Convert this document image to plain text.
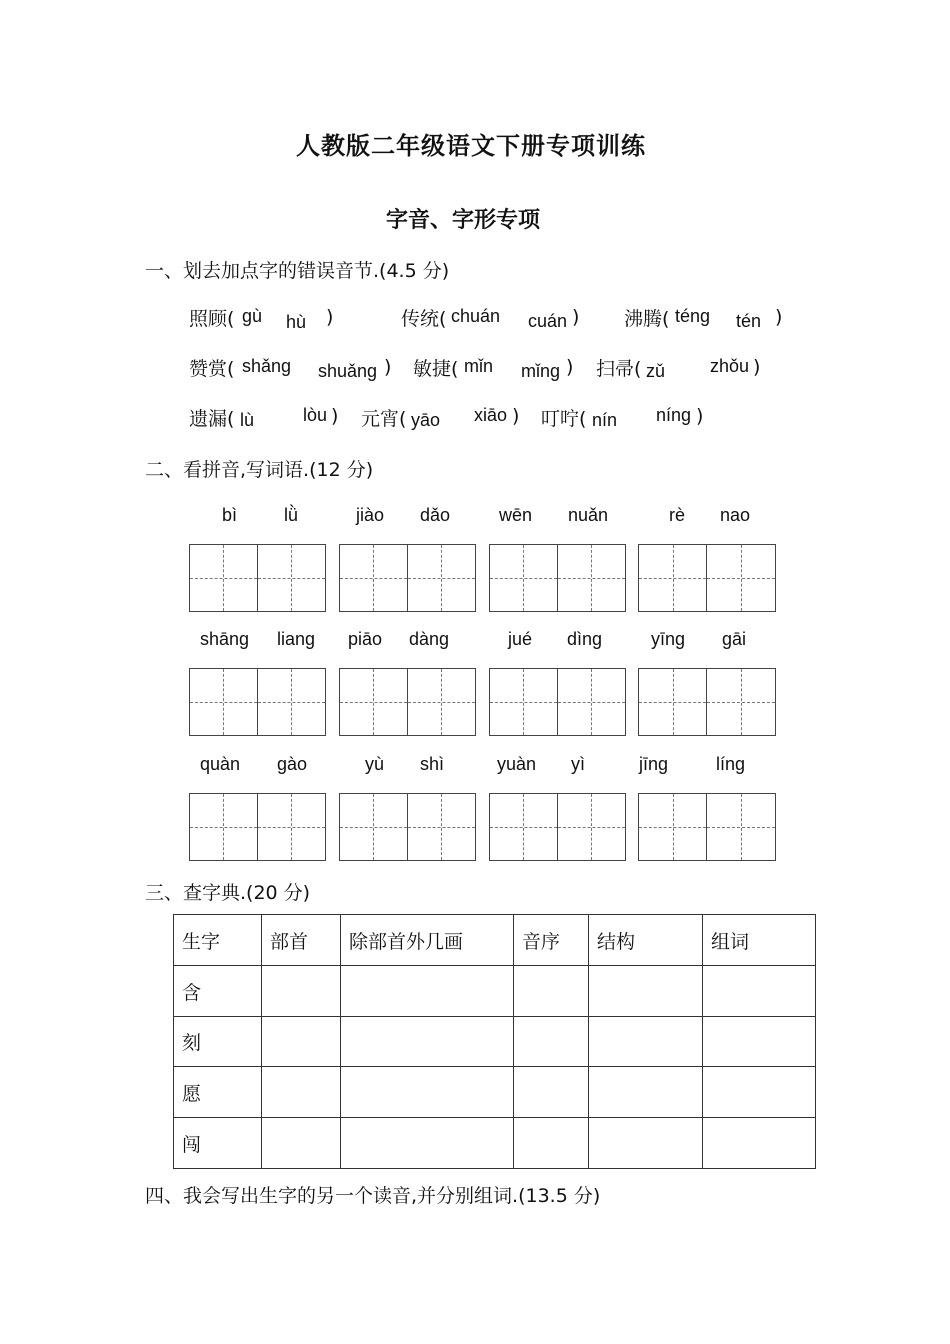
人教版二年级语文下册专项训练
字音、字形专项
一、划去加点字的错误音节.(4.5 分)
照顾( gù hù )	传统( chuán cuán ) 沸腾( téng tén )
赞赏( shǎng shuǎng ) 敏捷( mǐn mǐng ) 扫帚( zǔ zhǒu )
遗漏( lù	lòu ) 元宵( yāo xiāo ) 叮咛( nín níng )
二、看拼音,写词语.(12 分)
bì	lǜ	jiào dǎo	wēn nuǎn	rè nao
shāng liang piāo dàng	jué dìng	yīng gāi
quàn gào	yù shì	yuàn yì	jīng	líng
三、查字典.(20 分)
生字	部首	除部首外几画	音序	结构	组词
含					
刻					
愿					
闯					
四、我会写出生字的另一个读音,并分别组词.(13.5 分)
